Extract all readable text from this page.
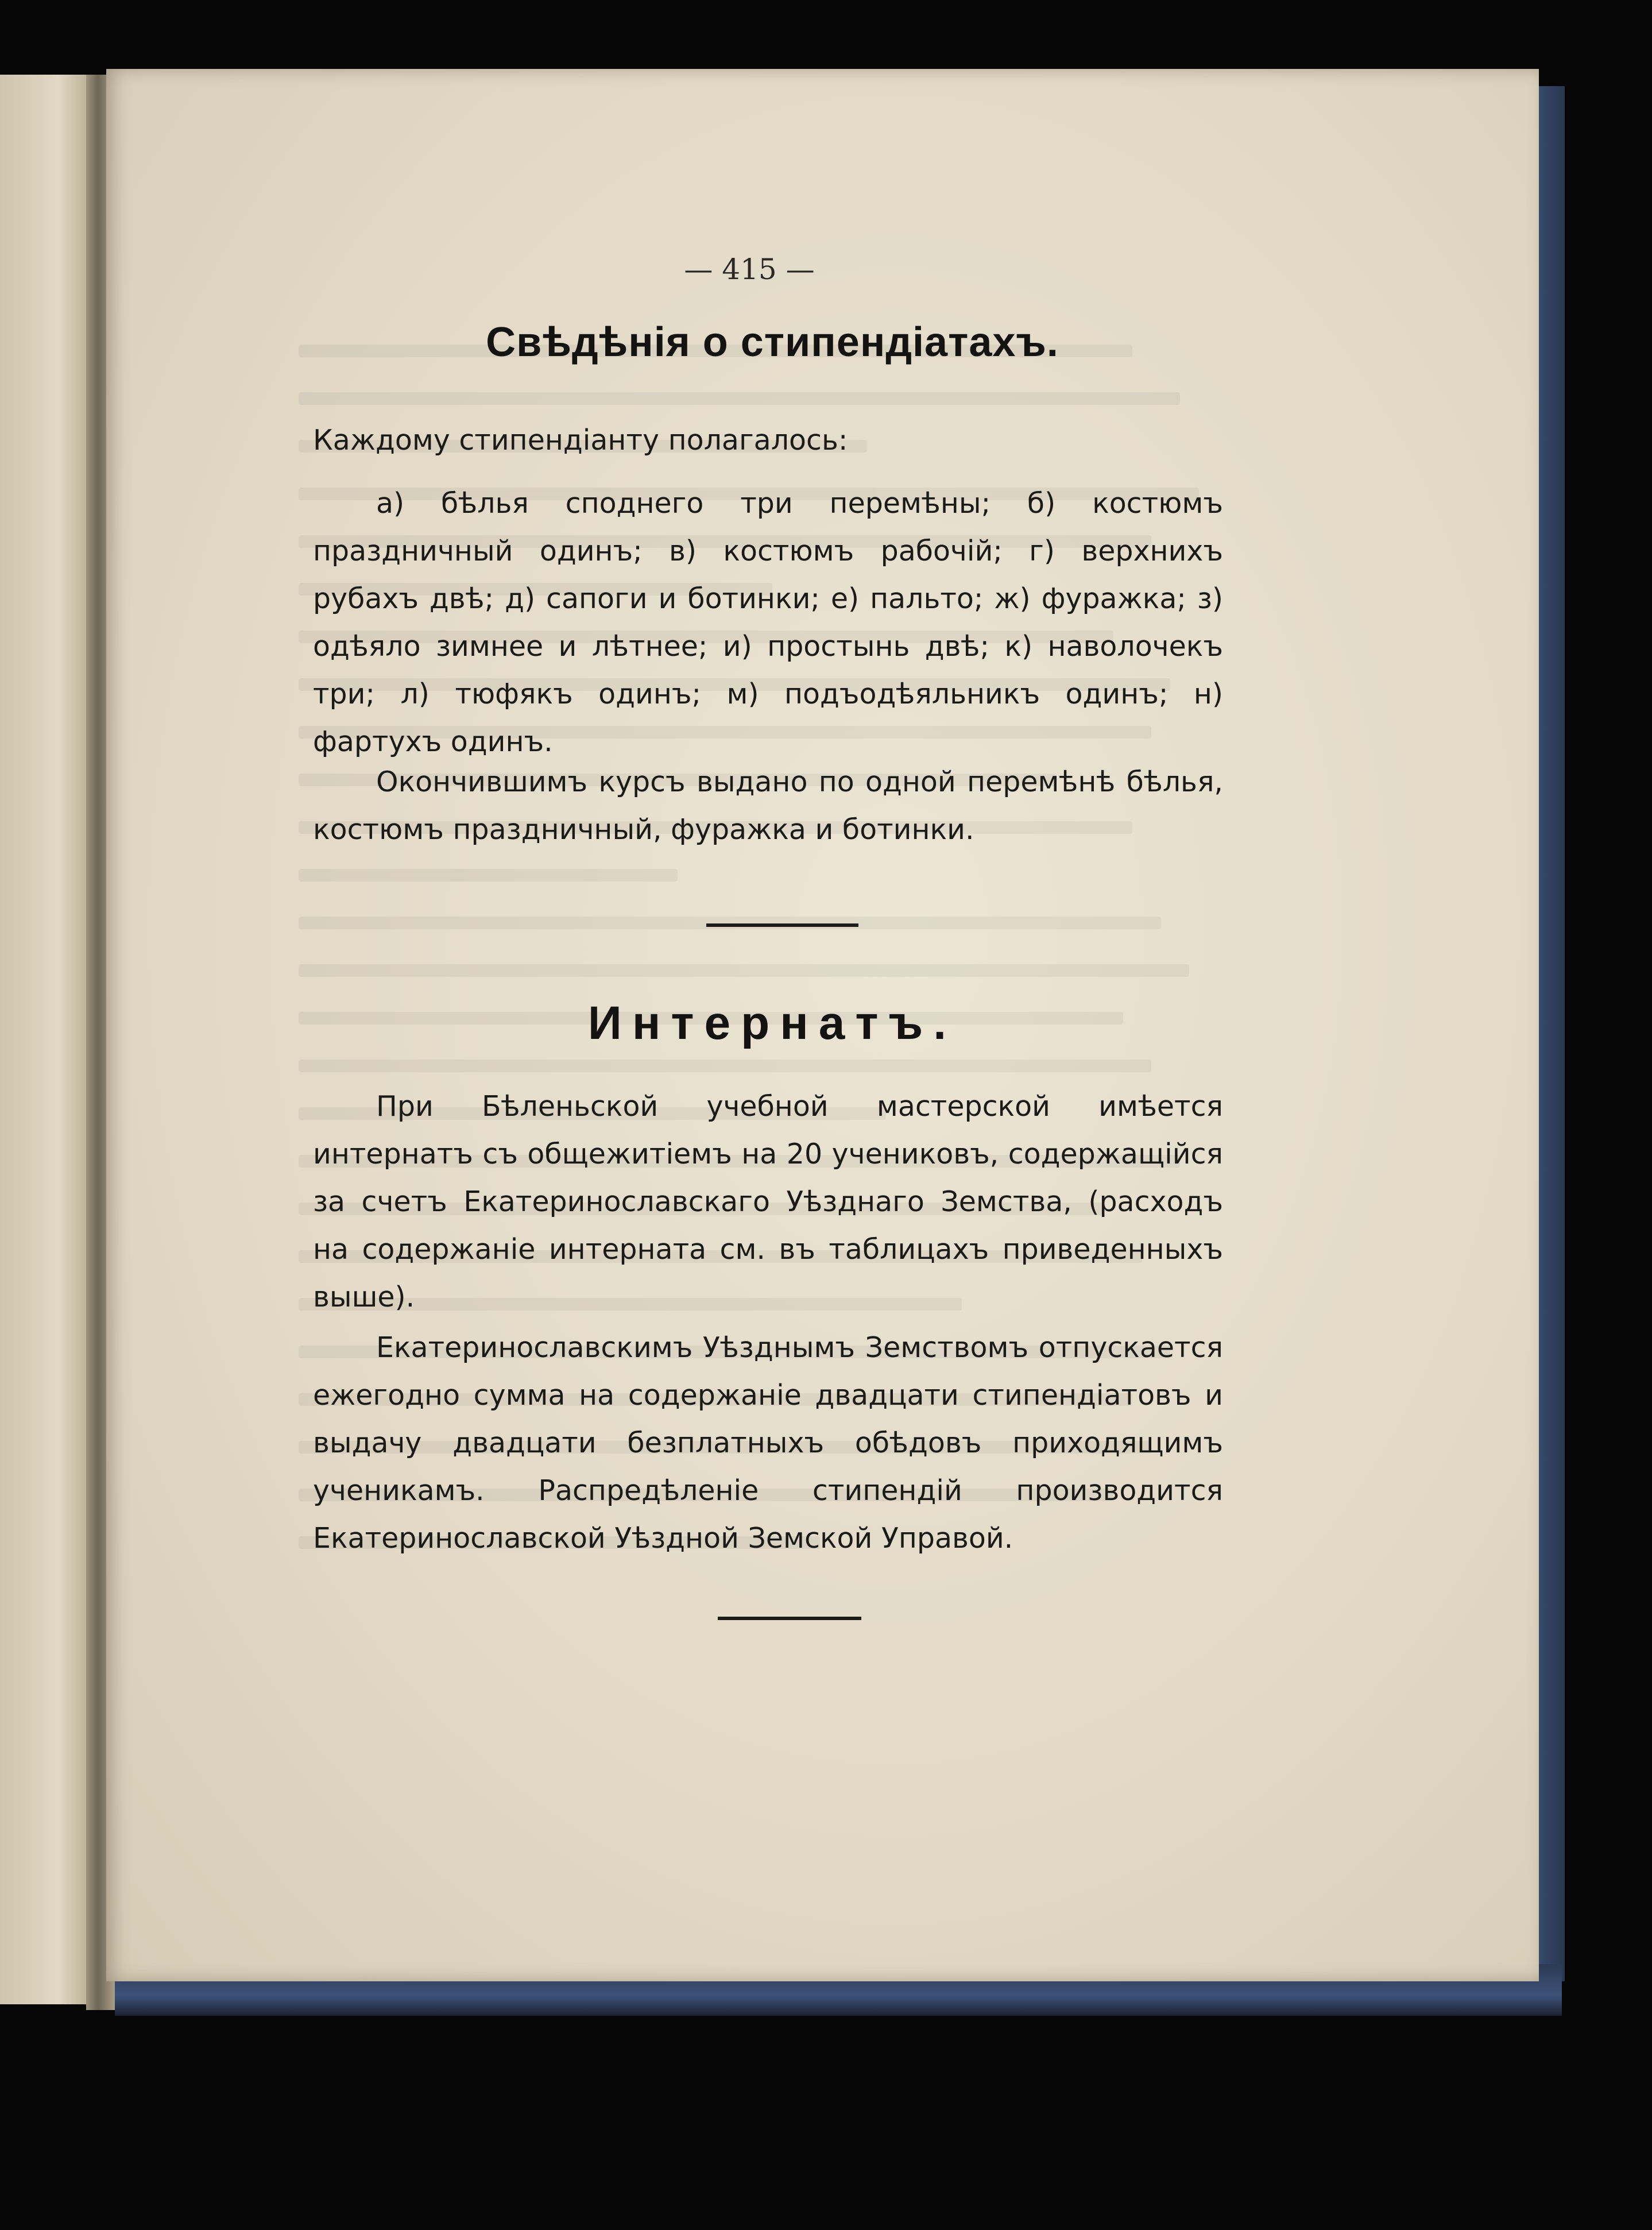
— 415 —
Свѣдѣнія о стипендіатахъ.
Каждому стипендіанту полагалось:
а) бѣлья споднего три перемѣны; б) костюмъ праздничный одинъ; в) костюмъ рабочій; г) верхнихъ рубахъ двѣ; д) сапоги и ботинки; е) пальто; ж) фуражка; з) одѣяло зимнее и лѣтнее; и) простынь двѣ; к) наволочекъ три; л) тюфякъ одинъ; м) подъодѣяльникъ одинъ; н) фартухъ одинъ.
Окончившимъ курсъ выдано по одной перемѣнѣ бѣлья, костюмъ праздничный, фуражка и ботинки.
Интернатъ.
При Бѣленьской учебной мастерской имѣется интернатъ съ общежитіемъ на 20 учениковъ, содержащійся за счетъ Екатеринославскаго Уѣзднаго Земства, (расходъ на содержаніе интерната см. въ таблицахъ приведенныхъ выше).
Екатеринославскимъ Уѣзднымъ Земствомъ отпускается ежегодно сумма на содержаніе двадцати стипендіатовъ и выдачу двадцати безплатныхъ обѣдовъ приходящимъ ученикамъ. Распредѣленіе стипендій производится Екатеринославской Уѣздной Земской Управой.
